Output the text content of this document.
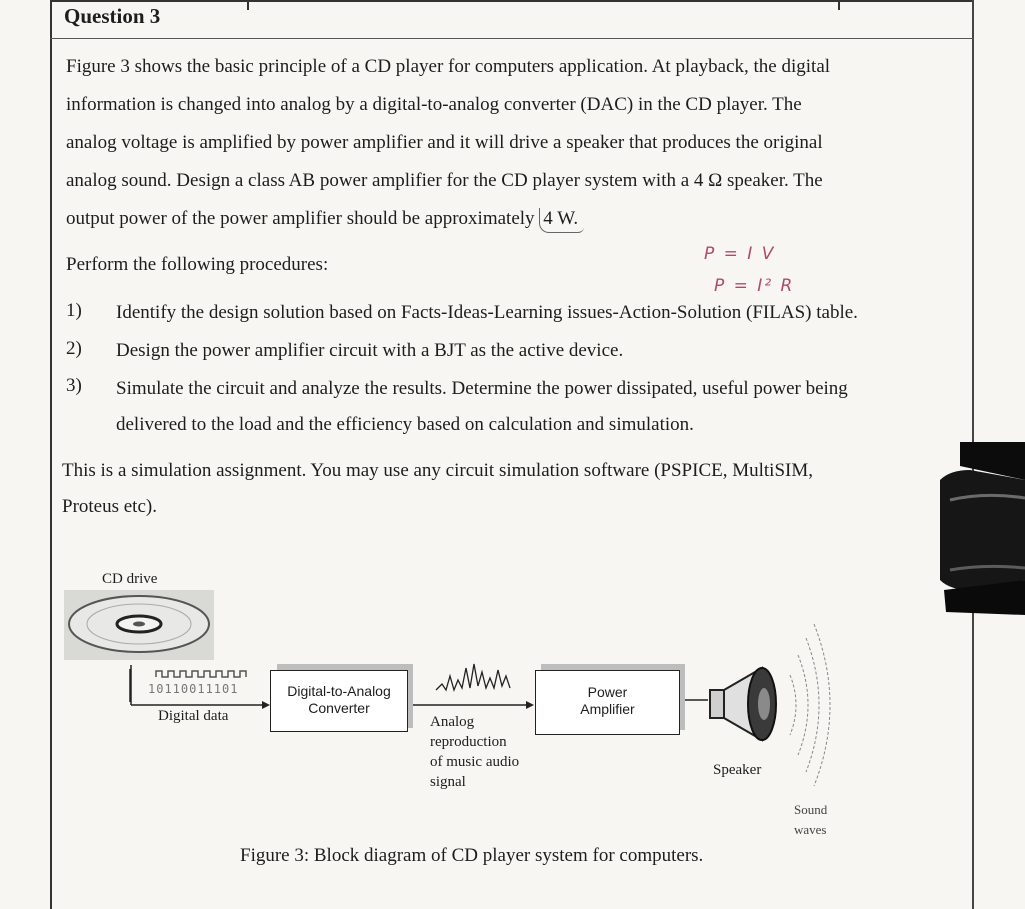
Question 3
Figure 3 shows the basic principle of a CD player for computers application. At playback, the digital
information is changed into analog by a digital-to-analog converter (DAC) in the CD player. The
analog voltage is amplified by power amplifier and it will drive a speaker that produces the original
analog sound. Design a class AB power amplifier for the CD player system with a 4 Ω speaker. The
output power of the power amplifier should be approximately 4 W.
P = I V
P = I² R
Perform the following procedures:
1) Identify the design solution based on Facts-Ideas-Learning issues-Action-Solution (FILAS) table.
2) Design the power amplifier circuit with a BJT as the active device.
3) Simulate the circuit and analyze the results. Determine the power dissipated, useful power being
delivered to the load and the efficiency based on calculation and simulation.
This is a simulation assignment. You may use any circuit simulation software (PSPICE, MultiSIM,
Proteus etc).
CD drive
10110011101
Digital data
Digital-to-Analog
Converter
Analog
reproduction
of music audio
signal
Power
Amplifier
Speaker
Sound
waves
Figure 3: Block diagram of CD player system for computers.
